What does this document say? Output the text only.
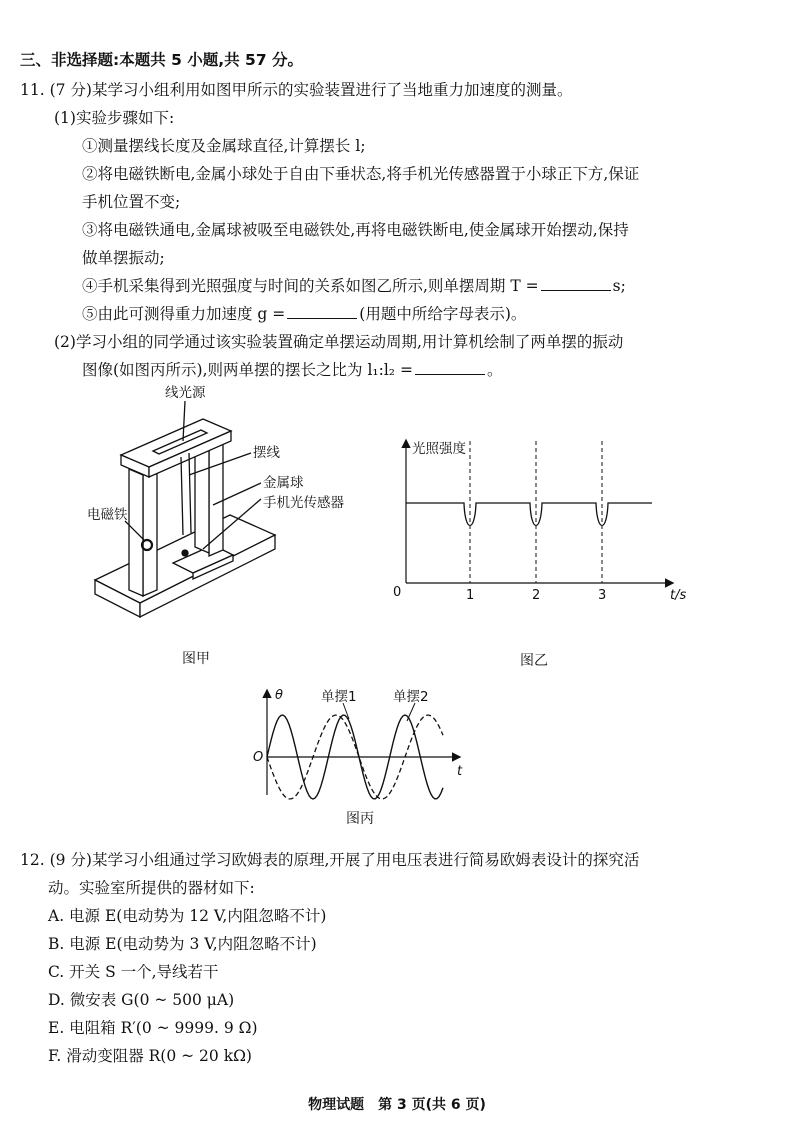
三、非选择题:本题共 5 小题,共 57 分。
11. (7 分)某学习小组利用如图甲所示的实验装置进行了当地重力加速度的测量。
(1)实验步骤如下:
①测量摆线长度及金属球直径,计算摆长 l;
②将电磁铁断电,金属小球处于自由下垂状态,将手机光传感器置于小球正下方,保证
手机位置不变;
③将电磁铁通电,金属球被吸至电磁铁处,再将电磁铁断电,使金属球开始摆动,保持
做单摆振动;
④手机采集得到光照强度与时间的关系如图乙所示,则单摆周期 T =	s;
⑤由此可测得重力加速度 g =	(用题中所给字母表示)。
(2)学习小组的同学通过该实验装置确定单摆运动周期,用计算机绘制了两单摆的振动
图像(如图丙所示),则两单摆的摆长之比为 l₁:l₂ =	。
线光源
摆线
金属球
手机光传感器
电磁铁
图甲
光照强度
0	1	2	3	t/s
图乙
θ
O
t
单摆1	单摆2
图丙
12. (9 分)某学习小组通过学习欧姆表的原理,开展了用电压表进行简易欧姆表设计的探究活
动。实验室所提供的器材如下:
A. 电源 E(电动势为 12 V,内阻忽略不计)
B. 电源 E(电动势为 3 V,内阻忽略不计)
C. 开关 S 一个,导线若干
D. 微安表 G(0 ~ 500 μA)
E. 电阻箱 R′(0 ~ 9999. 9 Ω)
F. 滑动变阻器 R(0 ~ 20 kΩ)
物理试题　第 3 页(共 6 页)
